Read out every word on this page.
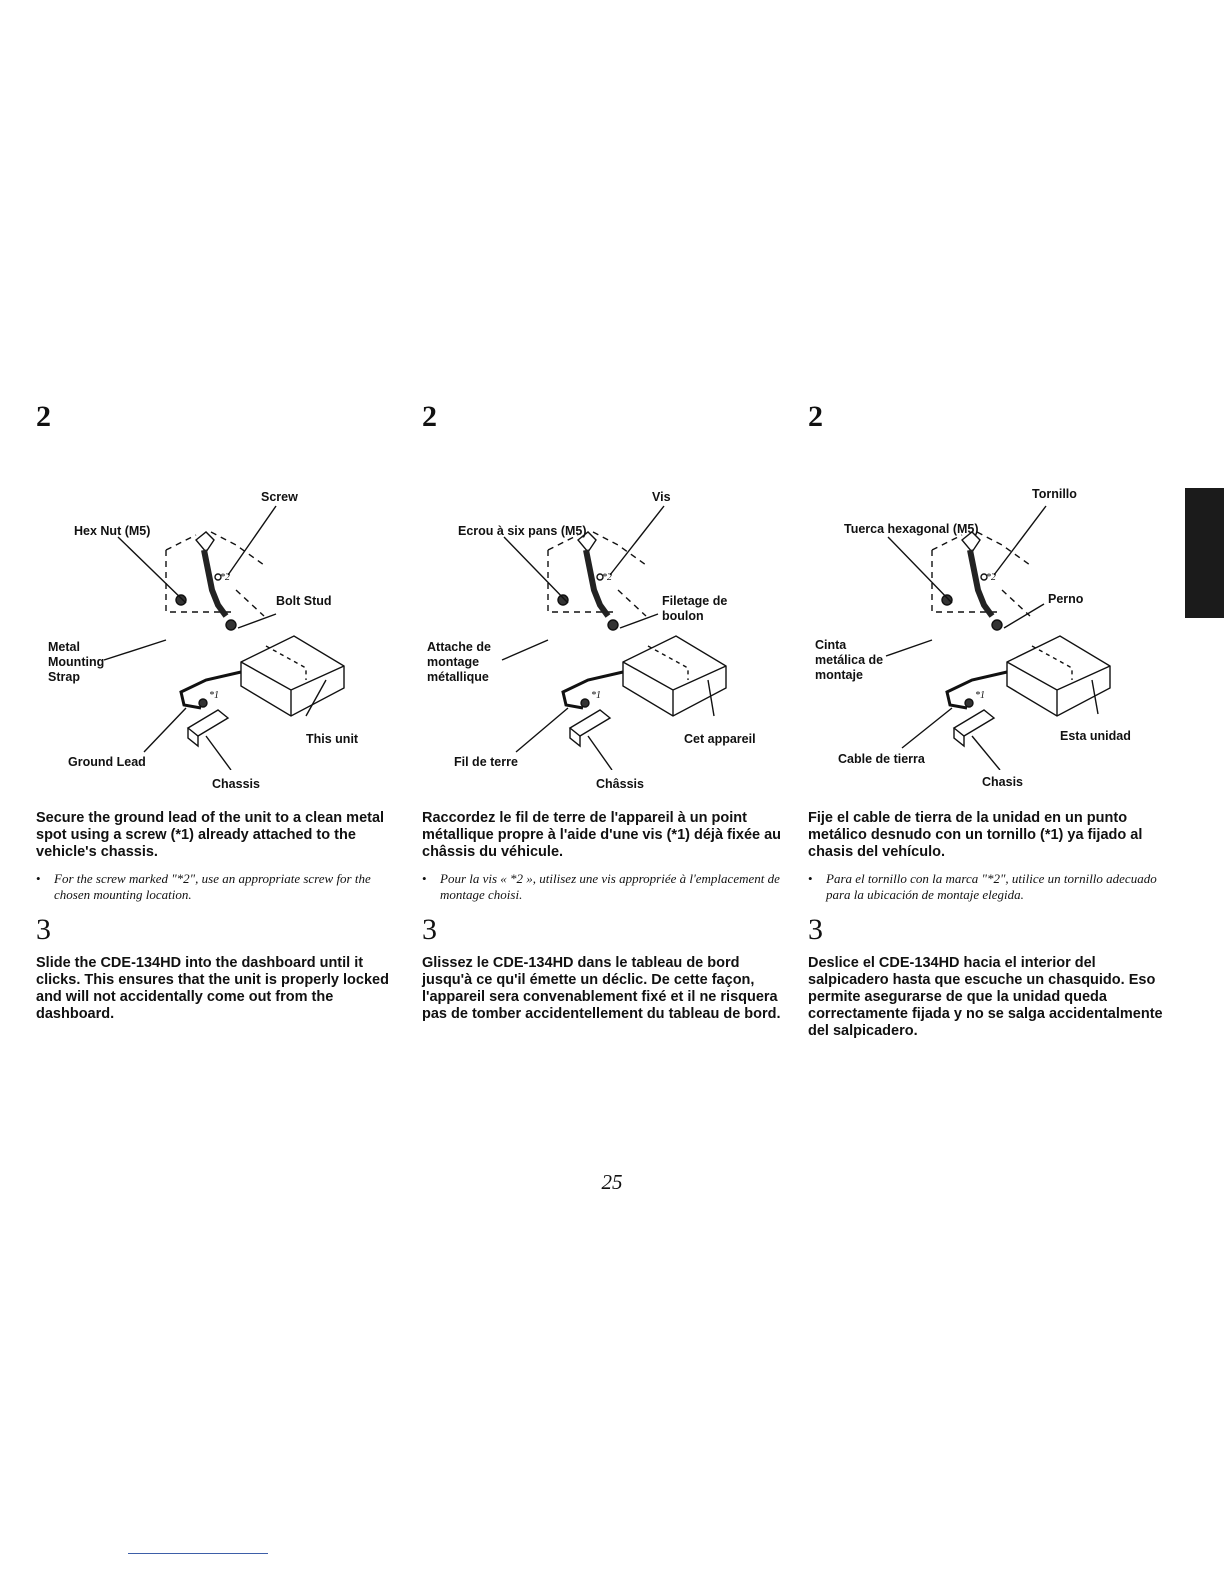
2
Screw
Hex Nut (M5)
*2
Bolt Stud
Metal
Mounting
Strap
*1
This unit
Ground Lead
Chassis

Secure the ground lead of the unit to a clean metal spot using a screw (*1) already attached to the vehicle's chassis.

•	For the screw marked "*2", use an appropriate screw for the chosen mounting location.
3

Slide the CDE-134HD into the dashboard until it clicks. This ensures that the unit is properly locked and will not accidentally come out from the dashboard.

2
Vis
Ecrou à six pans (M5)
*2
Filetage de
boulon
Attache de
montage
métallique
*1
Cet appareil
Fil de terre
Châssis

Raccordez le fil de terre de l'appareil à un point métallique propre à l'aide d'une vis (*1) déjà fixée au châssis du véhicule.

•	Pour la vis « *2 », utilisez une vis appropriée à l'emplacement de montage choisi.
3

Glissez le CDE-134HD dans le tableau de bord jusqu'à ce qu'il émette un déclic. De cette façon, l'appareil sera convenablement fixé et il ne risquera pas de tomber accidentellement du tableau de bord.

2
Tornillo
Tuerca hexagonal (M5)
*2
Perno
Cinta
metálica de
montaje
*1
Esta unidad
Cable de tierra
Chasis

Fije el cable de tierra de la unidad en un punto metálico desnudo con un tornillo (*1) ya fijado al chasis del vehículo.

•	Para el tornillo con la marca "*2", utilice un tornillo adecuado para la ubicación de montaje elegida.
3

Deslice el CDE-134HD hacia el interior del salpicadero hasta que escuche un chasquido. Eso permite asegurarse de que la unidad queda correctamente fijada y no se salga accidentalmente del salpicadero.

25
